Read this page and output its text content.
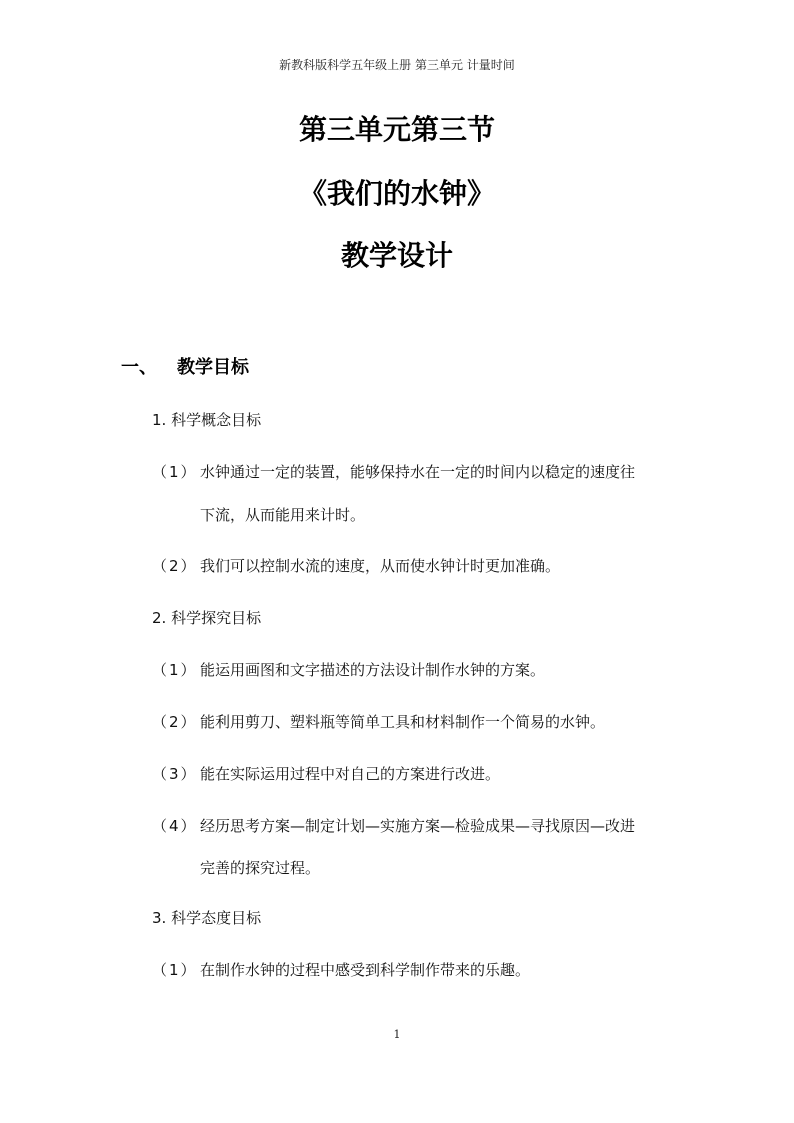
新教科版科学五年级上册 第三单元 计量时间
第三单元第三节
《我们的水钟》
教学设计
一、 教学目标
1. 科学概念目标
（1） 水钟通过一定的装置，能够保持水在一定的时间内以稳定的速度往
下流，从而能用来计时。
（2） 我们可以控制水流的速度，从而使水钟计时更加准确。
2. 科学探究目标
（1） 能运用画图和文字描述的方法设计制作水钟的方案。
（2） 能利用剪刀、塑料瓶等简单工具和材料制作一个简易的水钟。
（3） 能在实际运用过程中对自己的方案进行改进。
（4） 经历思考方案—制定计划—实施方案—检验成果—寻找原因—改进
完善的探究过程。
3. 科学态度目标
（1） 在制作水钟的过程中感受到科学制作带来的乐趣。
1
